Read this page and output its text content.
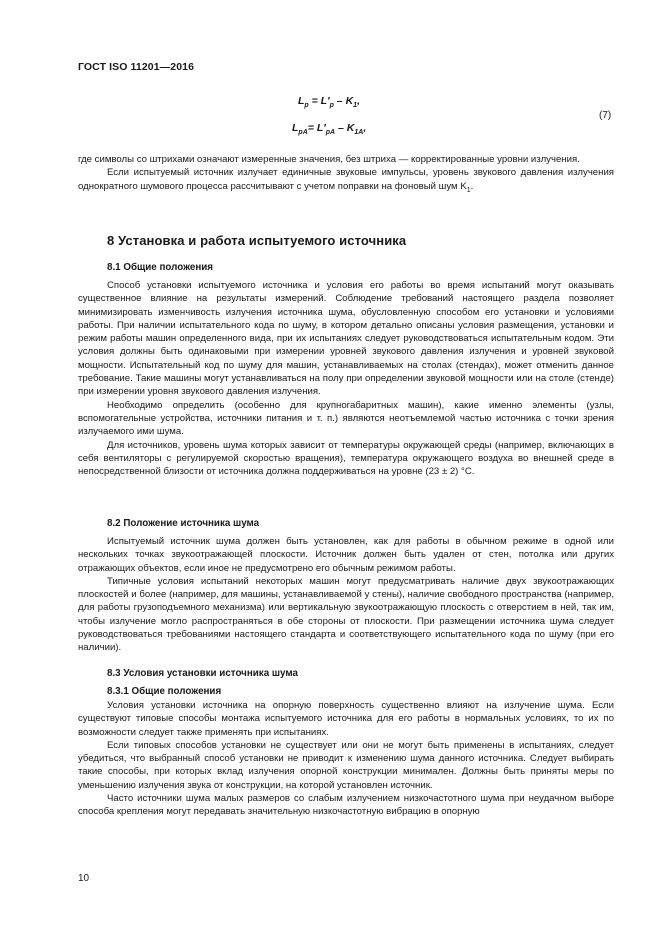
ГОСТ ISO 11201—2016
$L_p = L'_p - K_1$,
$L_{pA}= L'_{pA} - K_{1A}$,
(7)

где символы со штрихами означают измеренные значения, без штриха — корректированные уровни излучения.

Если испытуемый источник излучает единичные звуковые импульсы, уровень звукового давления излучения однократного шумового процесса рассчитывают с учетом поправки на фоновый шум $K_1$.

8 Установка и работа испытуемого источника
8.1 Общие положения

Способ установки испытуемого источника и условия его работы во время испытаний могут оказывать существенное влияние на результаты измерений. Соблюдение требований настоящего раздела позволяет минимизировать изменчивость излучения источника шума, обусловленную способом его установки и условиями работы. При наличии испытательного кода по шуму, в котором детально описаны условия размещения, установки и режим работы машин определенного вида, при их испытаниях следует руководствоваться испытательным кодом. Эти условия должны быть одинаковыми при измерении уровней звукового давления излучения и уровней звуковой мощности. Испытательный код по шуму для машин, устанавливаемых на столах (стендах), может отменить данное требование. Такие машины могут устанавливаться на полу при определении звуковой мощности или на столе (стенде) при измерении уровня звукового давления излучения.

Необходимо определить (особенно для крупногабаритных машин), какие именно элементы (узлы, вспомогательные устройства, источники питания и т. п.) являются неотъемлемой частью источника с точки зрения излучаемого ими шума.

Для источников, уровень шума которых зависит от температуры окружающей среды (например, включающих в себя вентиляторы с регулируемой скоростью вращения), температура окружающего воздуха во внешней среде в непосредственной близости от источника должна поддерживаться на уровне (23 ± 2) °С.

8.2 Положение источника шума

Испытуемый источник шума должен быть установлен, как для работы в обычном режиме в одной или нескольких точках звукоотражающей плоскости. Источник должен быть удален от стен, потолка или других отражающих объектов, если иное не предусмотрено его обычным режимом работы.

Типичные условия испытаний некоторых машин могут предусматривать наличие двух звукоотражающих плоскостей и более (например, для машины, устанавливаемой у стены), наличие свободного пространства (например, для работы грузоподъемного механизма) или вертикальную звукоотражающую плоскость с отверстием в ней, так им, чтобы излучение могло распространяться в обе стороны от плоскости. При размещении источника шума следует руководствоваться требованиями настоящего стандарта и соответствующего испытательного кода по шуму (при его наличии).

8.3 Условия установки источника шума
8.3.1 Общие положения

Условия установки источника на опорную поверхность существенно влияют на излучение шума. Если существуют типовые способы монтажа испытуемого источника для его работы в нормальных условиях, то их по возможности следует также применять при испытаниях.

Если типовых способов установки не существует или они не могут быть применены в испытаниях, следует убедиться, что выбранный способ установки не приводит к изменению шума данного источника. Следует выбирать такие способы, при которых вклад излучения опорной конструкции минимален. Должны быть приняты меры по уменьшению излучения звука от конструкции, на которой установлен источник.

Часто источники шума малых размеров со слабым излучением низкочастотного шума при неудачном выборе способа крепления могут передавать значительную низкочастотную вибрацию в опорную

10
